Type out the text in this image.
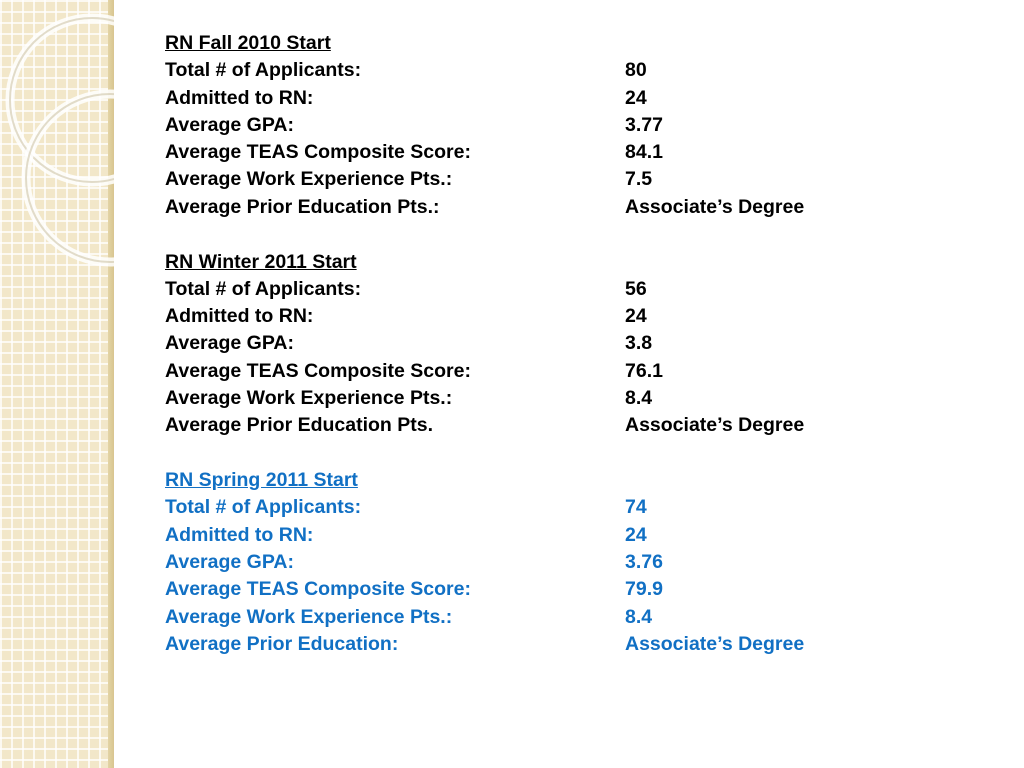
RN Fall 2010 Start
Total # of Applicants:	80
Admitted to RN:	24
Average GPA:	3.77
Average TEAS Composite Score:	84.1
Average Work Experience Pts.:	7.5
Average Prior Education Pts.:	Associate’s Degree
RN Winter 2011 Start
Total # of Applicants:	56
Admitted to RN:	24
Average GPA:	3.8
Average TEAS Composite Score:	76.1
Average Work Experience Pts.:	8.4
Average Prior Education Pts.	Associate’s Degree
RN Spring 2011 Start
Total # of Applicants:	74
Admitted to RN:	24
Average GPA:	3.76
Average TEAS Composite Score:	79.9
Average Work Experience Pts.:	8.4
Average Prior Education:	Associate’s Degree
